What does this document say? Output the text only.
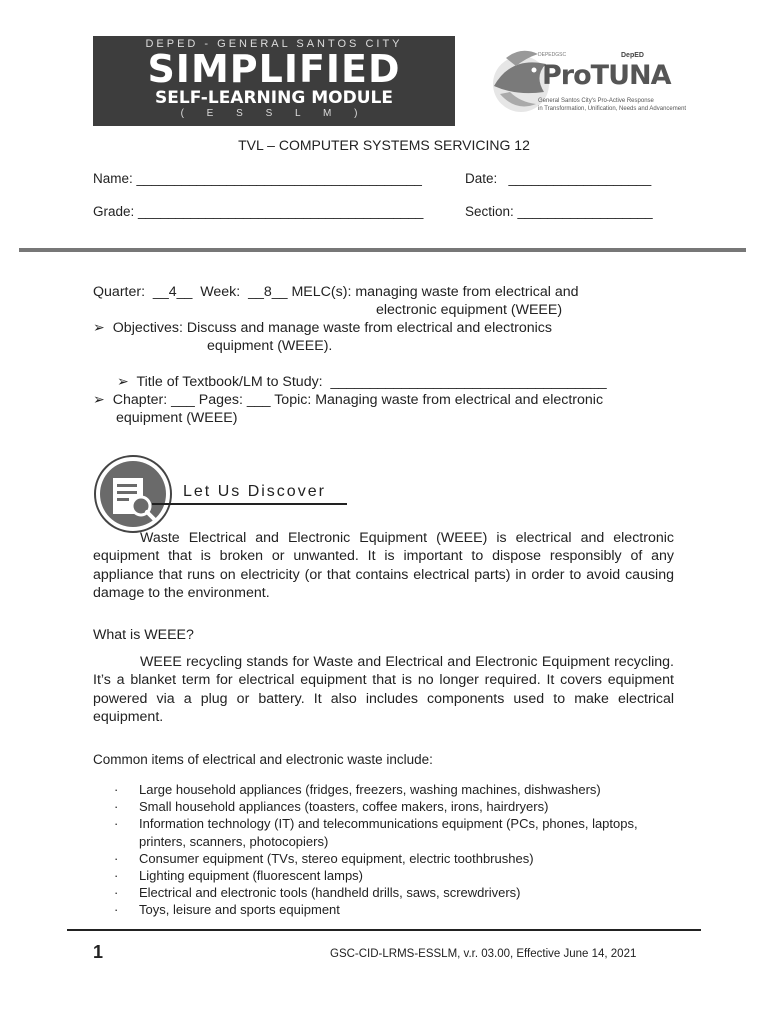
DEPED - GENERAL SANTOS CITY
SIMPLIFIED
SELF-LEARNING MODULE
( E S S L M )
DEPEDGSC	DepED
ProTUNA
General Santos City's Pro-Active Response
in Transformation, Unification, Needs and Advancement
TVL – COMPUTER SYSTEMS SERVICING 12
Name: ______________________________________	Date: ___________________
Grade: ______________________________________	Section: __________________
Quarter:  __4__  Week:  __8__ MELC(s): managing waste from electrical and
electronic equipment (WEEE)
➢  Objectives: Discuss and manage waste from electrical and electronics
equipment (WEEE).
➢  Title of Textbook/LM to Study:  ___________________________________
➢  Chapter: ___ Pages: ___ Topic: Managing waste from electrical and electronic
equipment (WEEE)
Let Us Discover
Waste Electrical and Electronic Equipment (WEEE) is electrical and electronic equipment that is broken or unwanted. It is important to dispose responsibly of any appliance that runs on electricity (or that contains electrical parts) in order to avoid causing damage to the environment.
What is WEEE?
WEEE recycling stands for Waste and Electrical and Electronic Equipment recycling. It’s a blanket term for electrical equipment that is no longer required. It covers equipment powered via a plug or battery. It also includes components used to make electrical equipment.
Common items of electrical and electronic waste include:
· Large household appliances (fridges, freezers, washing machines, dishwashers)
· Small household appliances (toasters, coffee makers, irons, hairdryers)
· Information technology (IT) and telecommunications equipment (PCs, phones, laptops, printers, scanners, photocopiers)
· Consumer equipment (TVs, stereo equipment, electric toothbrushes)
· Lighting equipment (fluorescent lamps)
· Electrical and electronic tools (handheld drills, saws, screwdrivers)
· Toys, leisure and sports equipment
1	GSC-CID-LRMS-ESSLM, v.r. 03.00, Effective June 14, 2021
